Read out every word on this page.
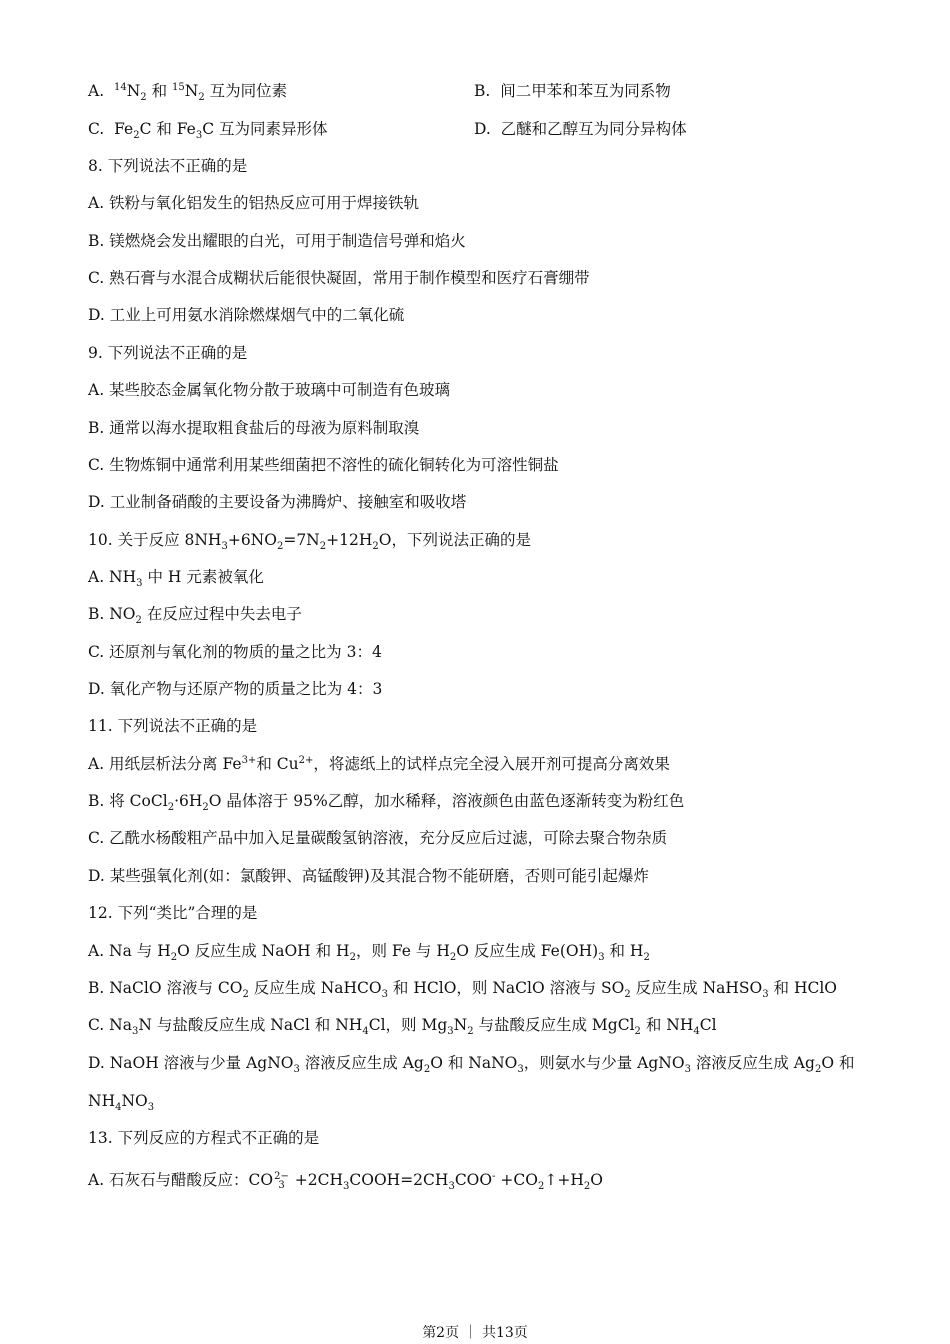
A. $^{14}N_2$ 和 $^{15}N_2$ 互为同位素	B. 间二甲苯和苯互为同系物
C. $Fe_2C$ 和 $Fe_3C$ 互为同素异形体	D. 乙醚和乙醇互为同分异构体
8. 下列说法不正确的是
A. 铁粉与氧化铝发生的铝热反应可用于焊接铁轨
B. 镁燃烧会发出耀眼的白光，可用于制造信号弹和焰火
C. 熟石膏与水混合成糊状后能很快凝固，常用于制作模型和医疗石膏绷带
D. 工业上可用氨水消除燃煤烟气中的二氧化硫
9. 下列说法不正确的是
A. 某些胶态金属氧化物分散于玻璃中可制造有色玻璃
B. 通常以海水提取粗食盐后的母液为原料制取溴
C. 生物炼铜中通常利用某些细菌把不溶性的硫化铜转化为可溶性铜盐
D. 工业制备硝酸的主要设备为沸腾炉、接触室和吸收塔
10. 关于反应 $8NH_3+6NO_2=7N_2+12H_2O$，下列说法正确的是
A. $NH_3$ 中 H 元素被氧化
B. $NO_2$ 在反应过程中失去电子
C. 还原剂与氧化剂的物质的量之比为 3：4
D. 氧化产物与还原产物的质量之比为 4：3
11. 下列说法不正确的是
A. 用纸层析法分离 $Fe^{3+}$和 $Cu^{2+}$，将滤纸上的试样点完全浸入展开剂可提高分离效果
B. 将 $CoCl_2\cdot 6H_2O$ 晶体溶于 95%乙醇，加水稀释，溶液颜色由蓝色逐渐转变为粉红色
C. 乙酰水杨酸粗产品中加入足量碳酸氢钠溶液，充分反应后过滤，可除去聚合物杂质
D. 某些强氧化剂(如：氯酸钾、高锰酸钾)及其混合物不能研磨，否则可能引起爆炸
12. 下列“类比”合理的是
A. Na 与 $H_2O$ 反应生成 NaOH 和 $H_2$，则 Fe 与 $H_2O$ 反应生成 $Fe(OH)_3$ 和 $H_2$
B. NaClO 溶液与 $CO_2$ 反应生成 NaHCO$_3$ 和 HClO，则 NaClO 溶液与 $SO_2$ 反应生成 NaHSO$_3$ 和 HClO
C. $Na_3N$ 与盐酸反应生成 NaCl 和 $NH_4Cl$，则 $Mg_3N_2$ 与盐酸反应生成 MgCl$_2$ 和 $NH_4Cl$
D. NaOH 溶液与少量 AgNO$_3$ 溶液反应生成 $Ag_2O$ 和 NaNO$_3$，则氨水与少量 AgNO$_3$ 溶液反应生成 $Ag_2O$ 和
$NH_4NO_3$
13. 下列反应的方程式不正确的是
A. 石灰石与醋酸反应：CO 2−
$3 +2CH_3COOH=2CH_3COO^-$ $+CO_2↑+H_2O$
第2页 ｜ 共13页
